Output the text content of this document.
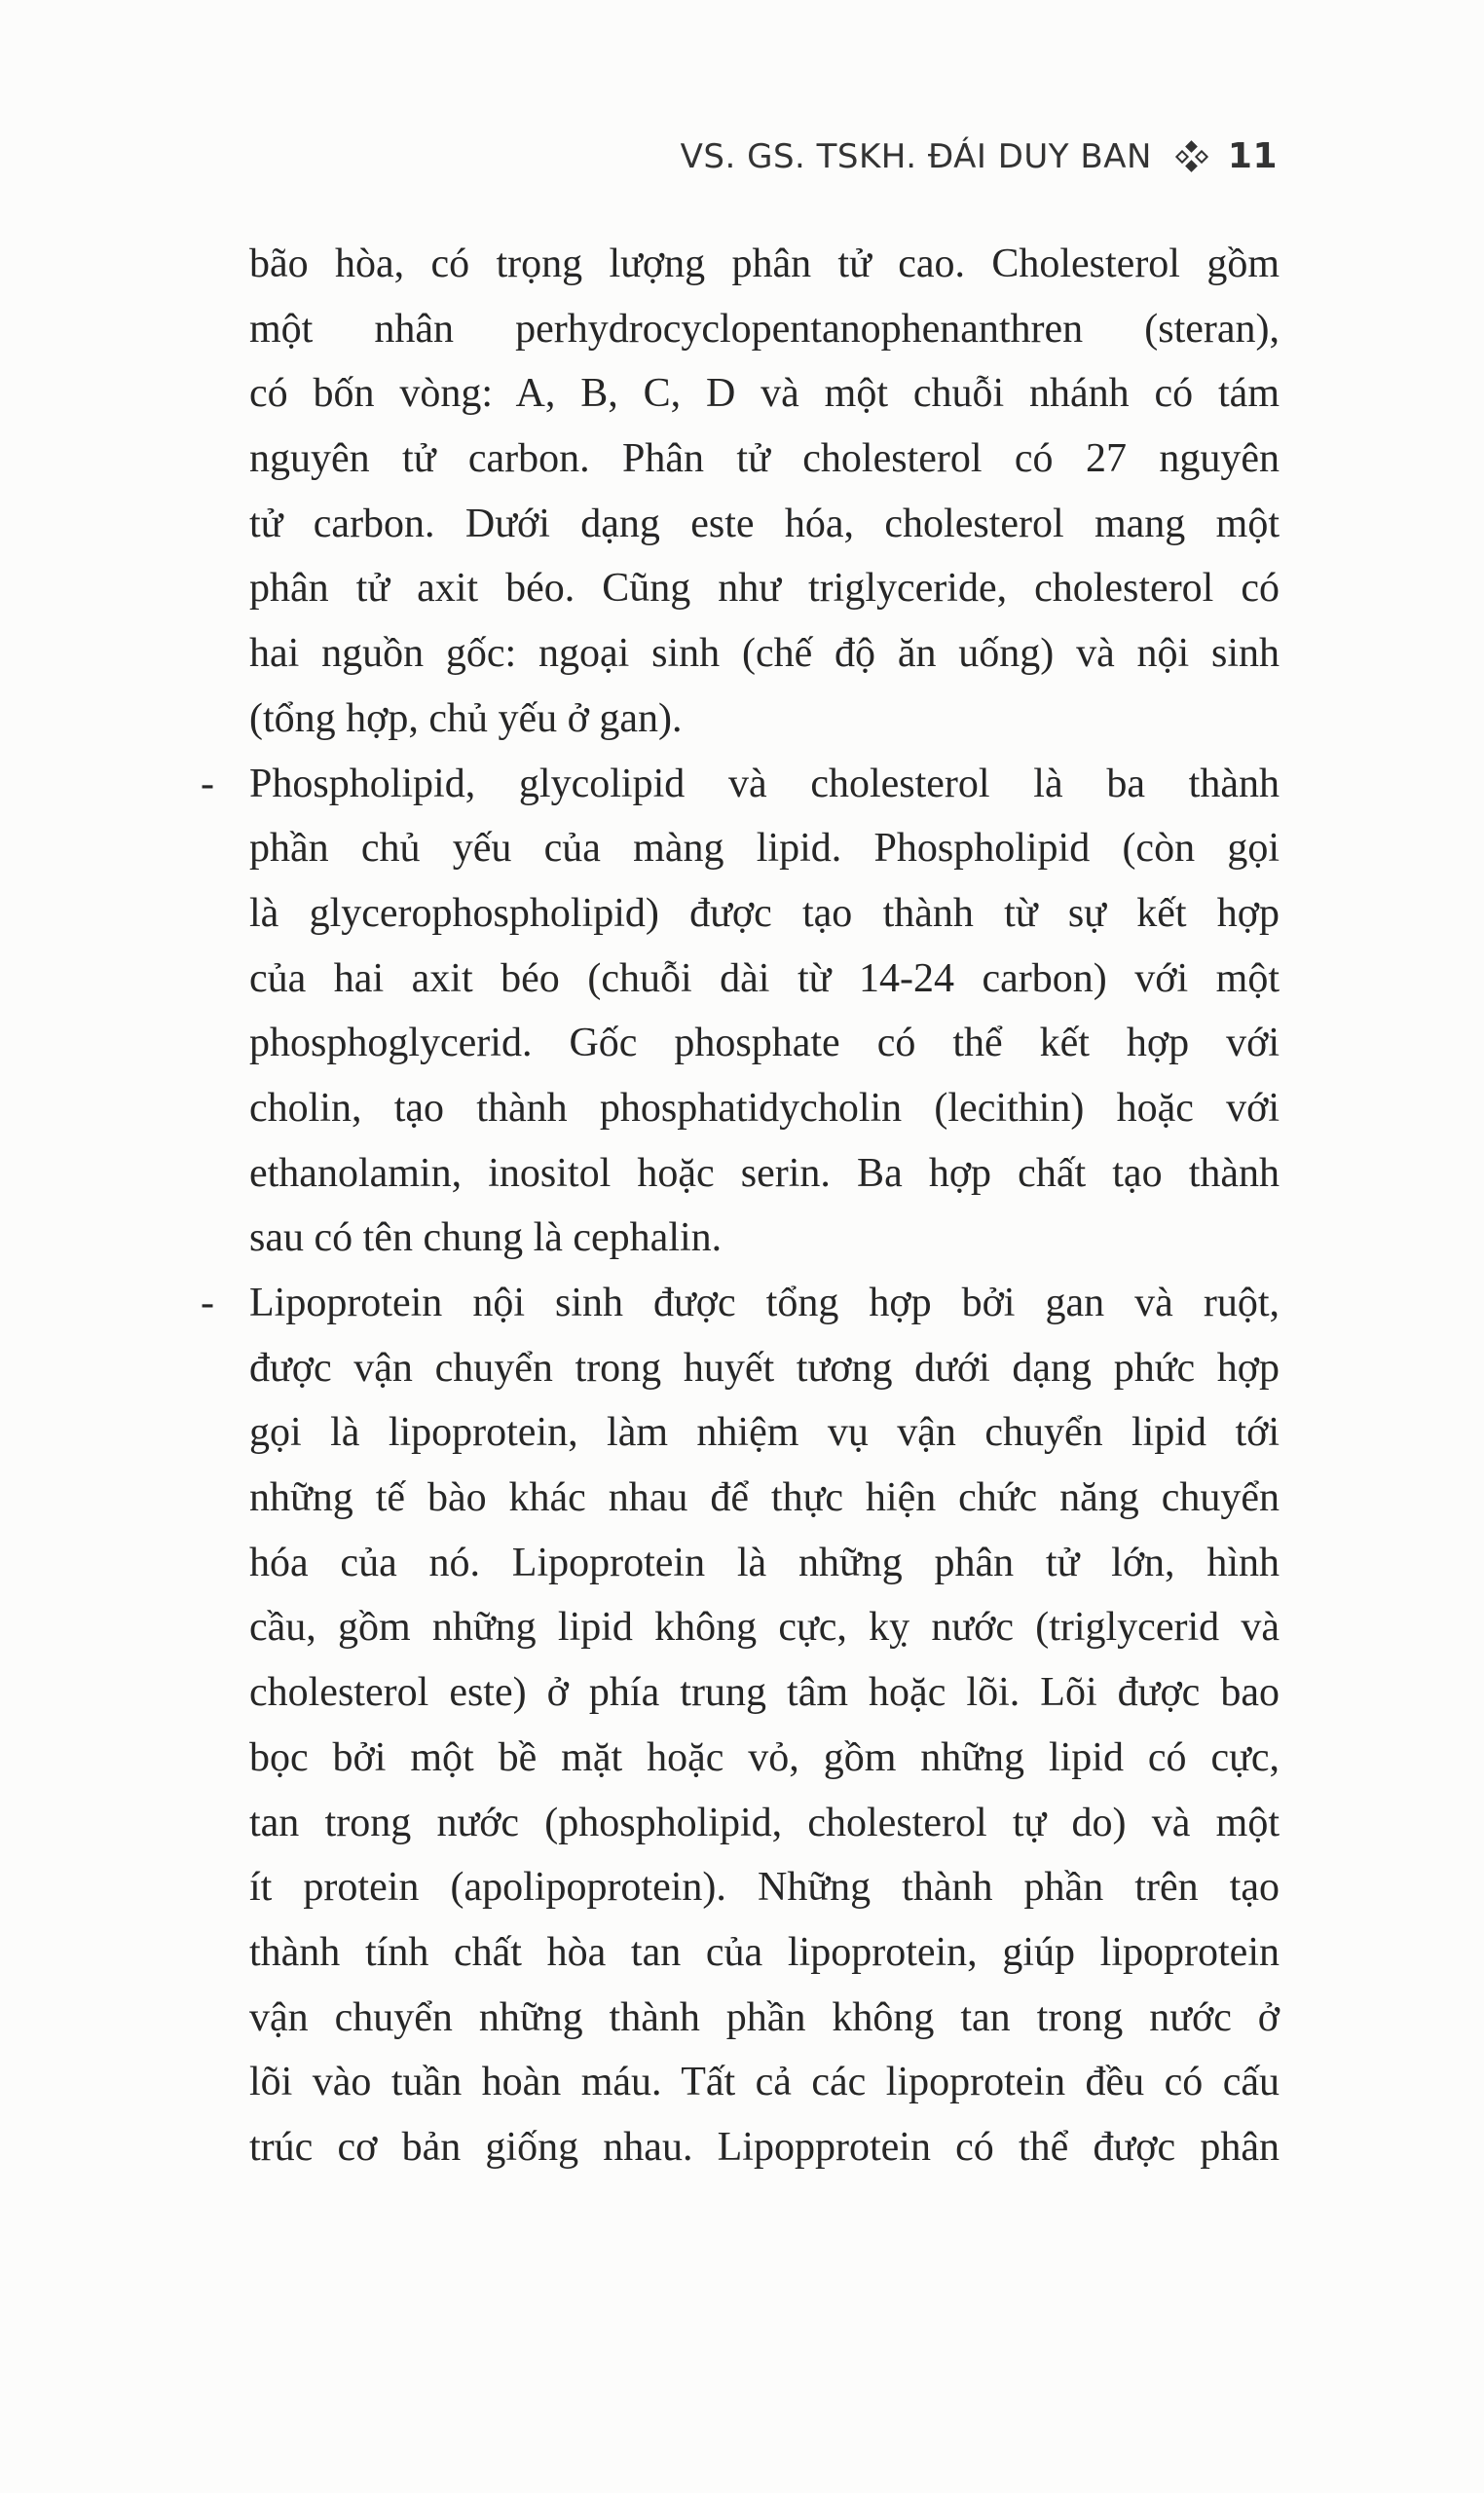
VS. GS. TSKH. ĐÁI DUY BAN 11
bão hòa, có trọng lượng phân tử cao. Cholesterol gồm
một nhân perhydrocyclopentanophenanthren (steran),
có bốn vòng: A, B, C, D và một chuỗi nhánh có tám
nguyên tử carbon. Phân tử cholesterol có 27 nguyên
tử carbon. Dưới dạng este hóa, cholesterol mang một
phân tử axit béo. Cũng như triglyceride, cholesterol có
hai nguồn gốc: ngoại sinh (chế độ ăn uống) và nội sinh
(tổng hợp, chủ yếu ở gan).
- Phospholipid, glycolipid và cholesterol là ba thành
phần chủ yếu của màng lipid. Phospholipid (còn gọi
là glycerophospholipid) được tạo thành từ sự kết hợp
của hai axit béo (chuỗi dài từ 14-24 carbon) với một
phosphoglycerid. Gốc phosphate có thể kết hợp với
cholin, tạo thành phosphatidycholin (lecithin) hoặc với
ethanolamin, inositol hoặc serin. Ba hợp chất tạo thành
sau có tên chung là cephalin.
- Lipoprotein nội sinh được tổng hợp bởi gan và ruột,
được vận chuyển trong huyết tương dưới dạng phức hợp
gọi là lipoprotein, làm nhiệm vụ vận chuyển lipid tới
những tế bào khác nhau để thực hiện chức năng chuyển
hóa của nó. Lipoprotein là những phân tử lớn, hình
cầu, gồm những lipid không cực, kỵ nước (triglycerid và
cholesterol este) ở phía trung tâm hoặc lõi. Lõi được bao
bọc bởi một bề mặt hoặc vỏ, gồm những lipid có cực,
tan trong nước (phospholipid, cholesterol tự do) và một
ít protein (apolipoprotein). Những thành phần trên tạo
thành tính chất hòa tan của lipoprotein, giúp lipoprotein
vận chuyển những thành phần không tan trong nước ở
lõi vào tuần hoàn máu. Tất cả các lipoprotein đều có cấu
trúc cơ bản giống nhau. Lipopprotein có thể được phân
